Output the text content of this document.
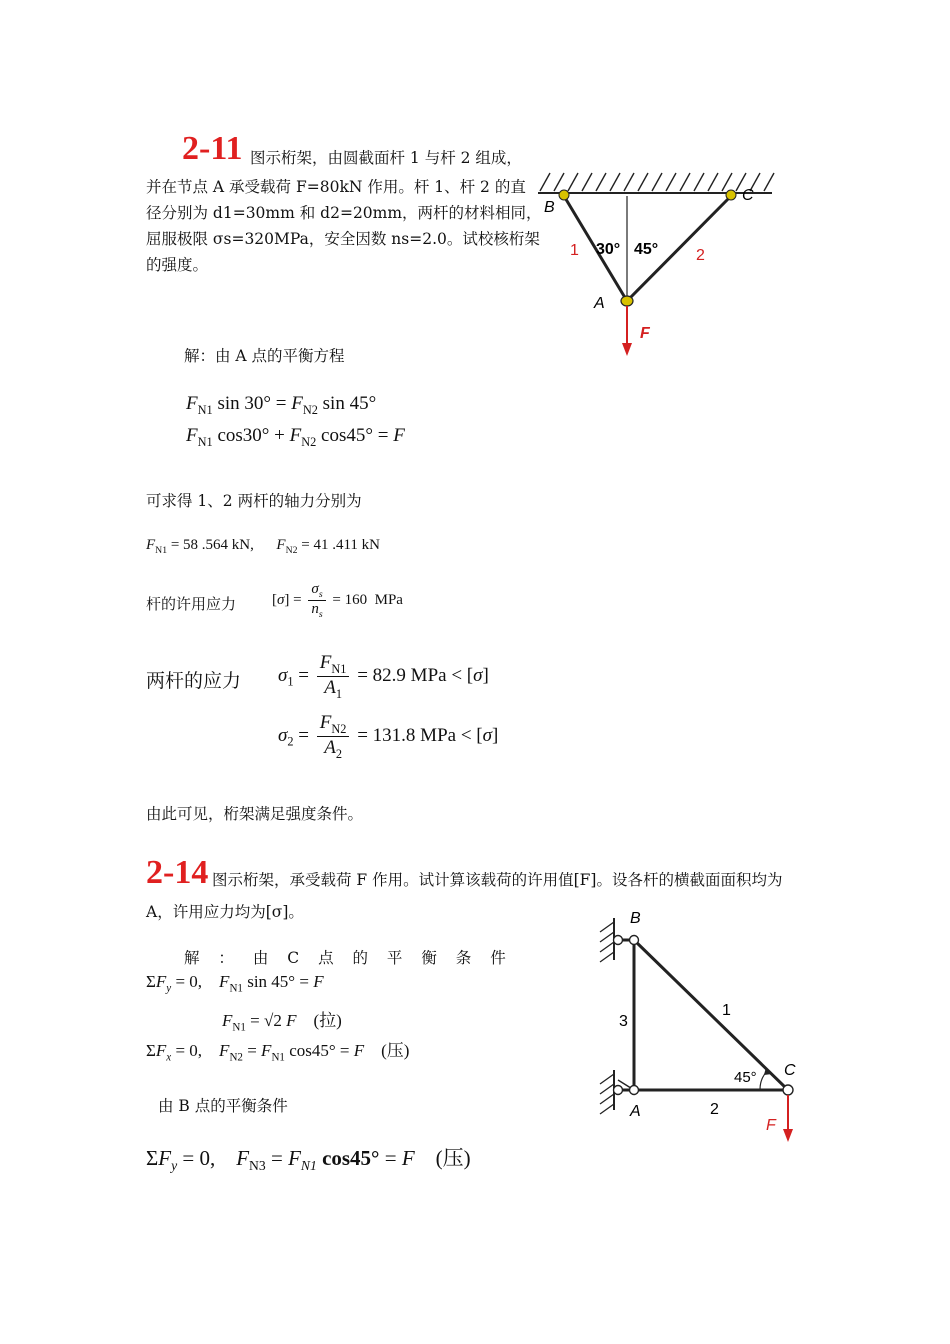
2-11 图示桁架，由圆截面杆 1 与杆 2 组成，
并在节点 A 承受载荷 F=80kN 作用。杆 1、杆 2 的直
径分别为 d1=30mm 和 d2=20mm，两杆的材料相同，
屈服极限 σs=320MPa，安全因数 ns=2.0。试校核桁架
的强度。
B
C
1	2
A
F
30° 45°
解：由 A 点的平衡方程
$F_{N1}$ $\sin 30^\circ = F_{N2}$ sin 45°
$F_{N1}$ $\cos 30^\circ + F_{N2}$ cos45° = F
可求得 1、2 两杆的轴力分别为
$F_{N1} = 58$ .564 kN,      $F_{N2} = 41$ .411 kN
杆的许用应力 $[\sigma] = \frac{\sigma_s}{n_s} = 160$  MPa
两杆的应力 $\sigma_1 = \frac{F_{N1}}{A_1} = 82.9$ MPa < [σ]
$\sigma_2 = \frac{F_{N2}}{A_2} = 131.8$ MPa < [σ]
由此可见，桁架满足强度条件。
2-14 图示桁架，承受载荷 F 作用。试计算该载荷的许用值[F]。设各杆的横截面面积均为
A，许用应力均为[σ]。
解 ： 由 C 点 的 平 衡 条 件
$\Sigma F_y = 0$,    $F_{N1}$ sin 45° = F
$F_{N1} = √2$ F    (拉)
$\Sigma F_x = 0$,    $F_{N2} = F_{N1}$ cos45° = F    (压)
由 B 点的平衡条件
$\Sigma F_y = 0$,    $F_{N3} = F_{N1}$ cos45° = F    (压)
B
1
3
45° C
A	2
F
